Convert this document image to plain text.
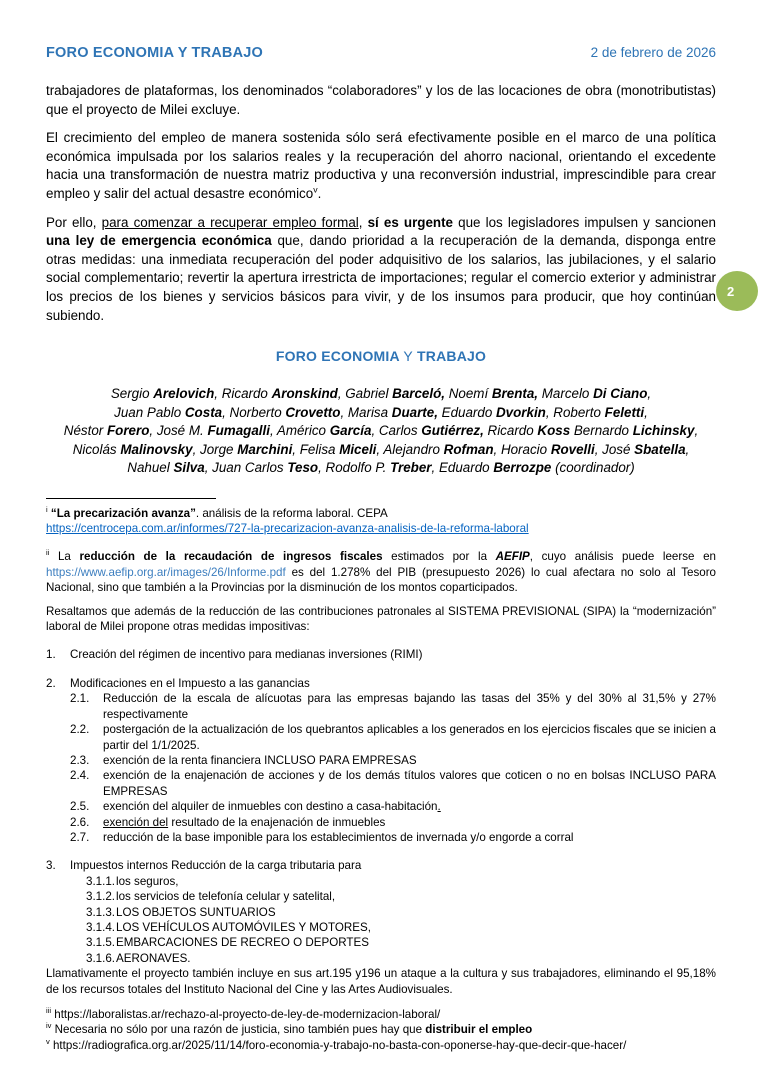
FORO ECONOMIA Y TRABAJO	2 de febrero de 2026

trabajadores de plataformas, los denominados “colaboradores” y los de las locaciones de obra (monotributistas) que el proyecto de Milei excluye.

El crecimiento del empleo de manera sostenida sólo será efectivamente posible en el marco de una política económica impulsada por los salarios reales y la recuperación del ahorro nacional, orientando el excedente hacia una transformación de nuestra matriz productiva y una reconversión industrial, imprescindible para crear empleo y salir del actual desastre económico$^v$.

Por ello, para comenzar a recuperar empleo formal, sí es urgente que los legisladores impulsen y sancionen una ley de emergencia económica que, dando prioridad a la recuperación de la demanda, disponga entre otras medidas: una inmediata recuperación del poder adquisitivo de los salarios, las jubilaciones, y el salario social complementario; revertir la apertura irrestricta de importaciones; regular el comercio exterior y administrar los precios de los bienes y servicios básicos para vivir, y de los insumos para producir, que hoy continúan subiendo.

FORO ECONOMIA Y TRABAJO
Sergio Arelovich, Ricardo Aronskind, Gabriel Barceló, Noemí Brenta, Marcelo Di Ciano,
Juan Pablo Costa, Norberto Crovetto, Marisa Duarte, Eduardo Dvorkin, Roberto Feletti,
Néstor Forero, José M. Fumagalli, Américo García, Carlos Gutiérrez, Ricardo Koss Bernardo Lichinsky,
Nicolás Malinovsky, Jorge Marchini, Felisa Miceli, Alejandro Rofman, Horacio Rovelli, José Sbatella,
Nahuel Silva, Juan Carlos Teso, Rodolfo P. Treber, Eduardo Berrozpe (coordinador)
$^i$ “La precarización avanza”. análisis de la reforma laboral. CEPA
https://centrocepa.com.ar/informes/727-la-precarizacion-avanza-analisis-de-la-reforma-laboral
$^{ii}$ La reducción de la recaudación de ingresos fiscales estimados por la AEFIP, cuyo análisis puede leerse en https://www.aefip.org.ar/images/26/Informe.pdf es del 1.278% del PIB (presupuesto 2026) lo cual afectara no solo al Tesoro Nacional, sino que también a la Provincias por la disminución de los montos coparticipados.
Resaltamos que además de la reducción de las contribuciones patronales al SISTEMA PREVISIONAL (SIPA) la “modernización” laboral de Milei propone otras medidas impositivas:
1.	Creación del régimen de incentivo para medianas inversiones (RIMI)
2.	Modificaciones en el Impuesto a las ganancias
2.1.	Reducción de la escala de alícuotas para las empresas bajando las tasas del 35% y del 30% al 31,5% y 27% respectivamente
2.2.	postergación de la actualización de los quebrantos aplicables a los generados en los ejercicios fiscales que se inicien a partir del 1/1/2025.
2.3.	exención de la renta financiera INCLUSO PARA EMPRESAS
2.4.	exención de la enajenación de acciones y de los demás títulos valores que coticen o no en bolsas INCLUSO PARA EMPRESAS
2.5.	exención del alquiler de inmuebles con destino a casa-habitación.
2.6.	exención del resultado de la enajenación de inmuebles
2.7.	reducción de la base imponible para los establecimientos de invernada y/o engorde a corral
3.	Impuestos internos Reducción de la carga tributaria para
3.1.1. los seguros,
3.1.2. los servicios de telefonía celular y satelital,
3.1.3. LOS OBJETOS SUNTUARIOS
3.1.4. LOS VEHÍCULOS AUTOMÓVILES Y MOTORES,
3.1.5. EMBARCACIONES DE RECREO O DEPORTES
3.1.6. AERONAVES.
Llamativamente el proyecto también incluye en sus art.195 y196 un ataque a la cultura y sus trabajadores, eliminando el 95,18% de los recursos totales del Instituto Nacional del Cine y las Artes Audiovisuales.
$^{iii}$ https://laboralistas.ar/rechazo-al-proyecto-de-ley-de-modernizacion-laboral/
$^{iv}$ Necesaria no sólo por una razón de justicia, sino también pues hay que distribuir el empleo
$^v$ https://radiografica.org.ar/2025/11/14/foro-economia-y-trabajo-no-basta-con-oponerse-hay-que-decir-que-hacer/
2
